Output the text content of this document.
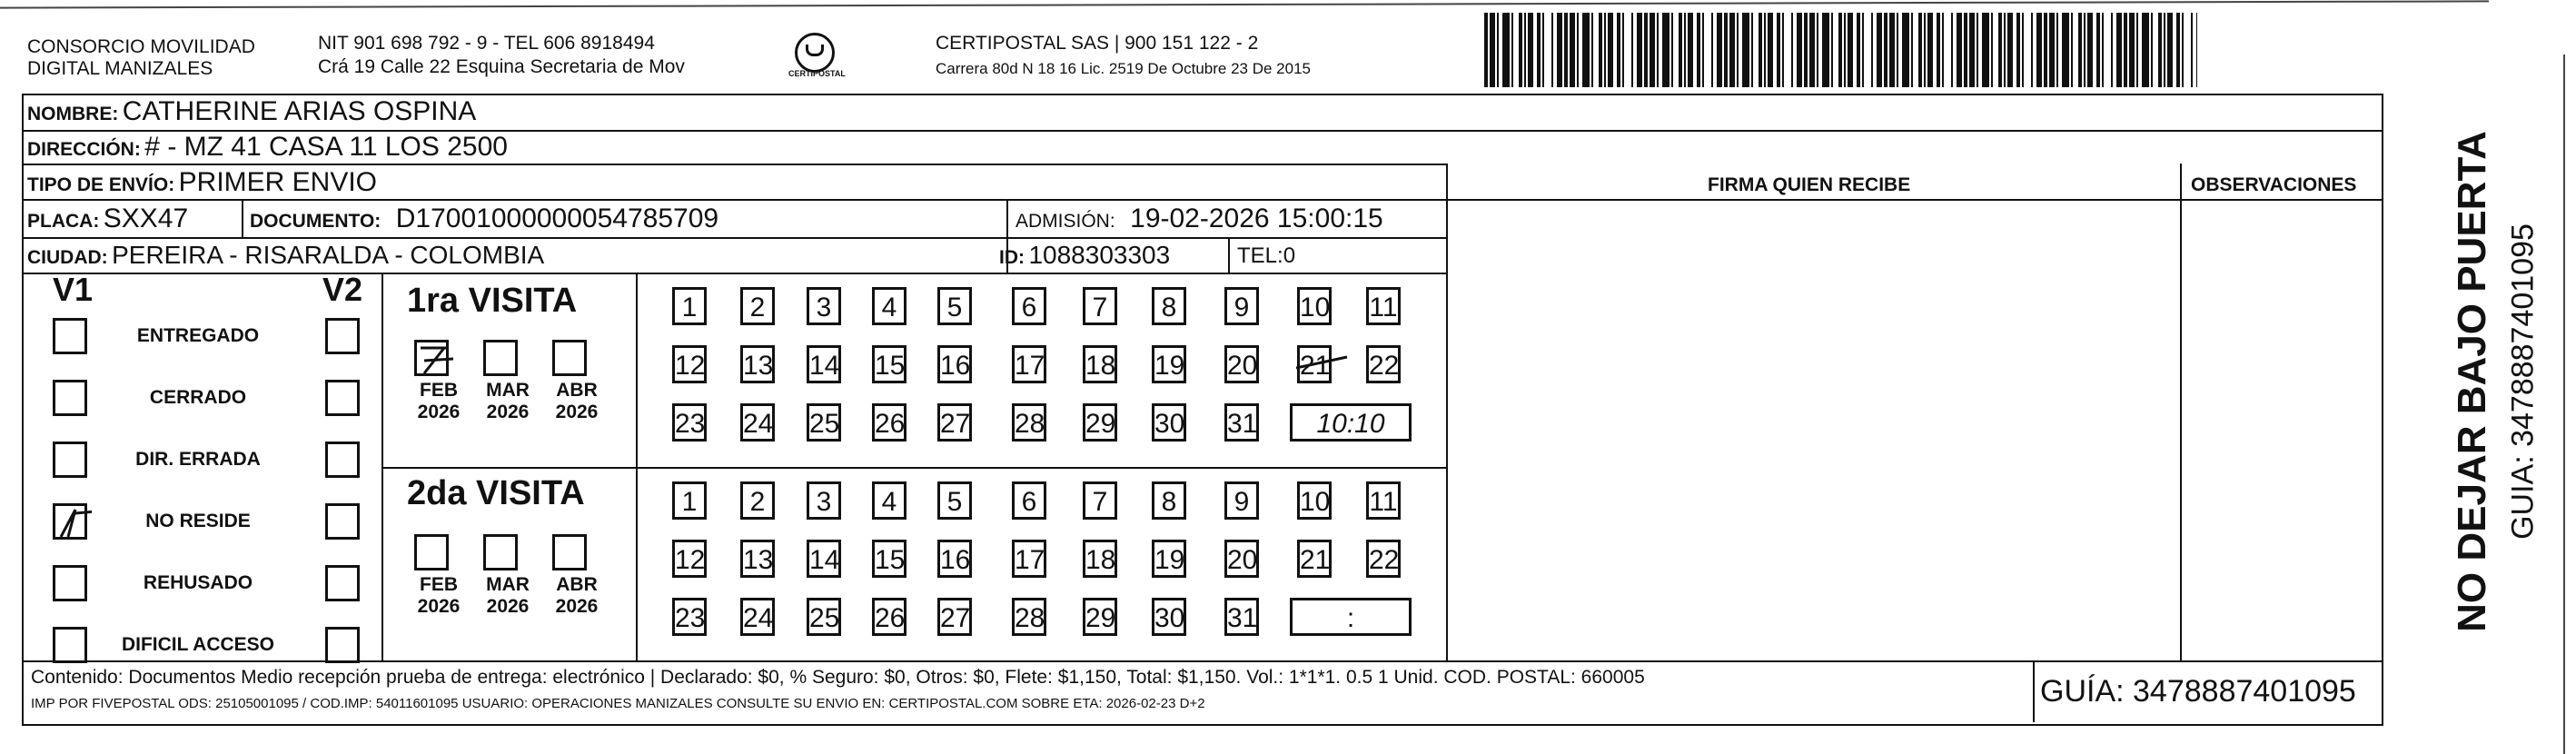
CONSORCIO MOVILIDAD
DIGITAL MANIZALES
NIT 901 698 792 - 9 - TEL 606 8918494
Crá 19 Calle 22 Esquina Secretaria de Mov	CERTIPOSTAL
CERTIPOSTAL SAS | 900 151 122 - 2
Carrera 80d N 18 16 Lic. 2519 De Octubre 23 De 2015
NOMBRE: CATHERINE ARIAS OSPINA
DIRECCIÓN: # - MZ 41 CASA 11 LOS 2500
TIPO DE ENVÍO: PRIMER ENVIO	FIRMA QUIEN RECIBE	OBSERVACIONES
PLACA: SXX47	DOCUMENTO: D17001000000054785709	ADMISIÓN: 19-02-2026 15:00:15
CIUDAD: PEREIRA - RISARALDA - COLOMBIA	ID: 1088303303	TEL:0
V1	V2
ENTREGADO
CERRADO
DIR. ERRADA
NO RESIDE
REHUSADO
DIFICIL ACCESO
1ra VISITA
FEB
2026
MAR
2026
ABR
2026
1	2	3	4	5	6	7	8	9	10 11
12 13 14 15 16 17 18 19 20 21 22
23 24 25 26 27 28 29 30 31	10:10
2da VISITA
FEB
2026
MAR
2026
ABR
2026
1	2	3	4	5	6	7	8	9	10 11
12 13 14 15 16 17 18 19 20 21 22
23 24 25 26 27 28 29 30 31	:
Contenido: Documentos Medio recepción prueba de entrega: electrónico | Declarado: $0, % Seguro: $0, Otros: $0, Flete: $1,150, Total: $1,150. Vol.: 1*1*1. 0.5 1 Unid. COD. POSTAL: 660005
IMP POR FIVEPOSTAL ODS: 25105001095 / COD.IMP: 54011601095 USUARIO: OPERACIONES MANIZALES CONSULTE SU ENVIO EN: CERTIPOSTAL.COM SOBRE ETA: 2026-02-23 D+2	GUÍA: 3478887401095
NO DEJAR BAJO PUERTA GUIA: 3478887401095
